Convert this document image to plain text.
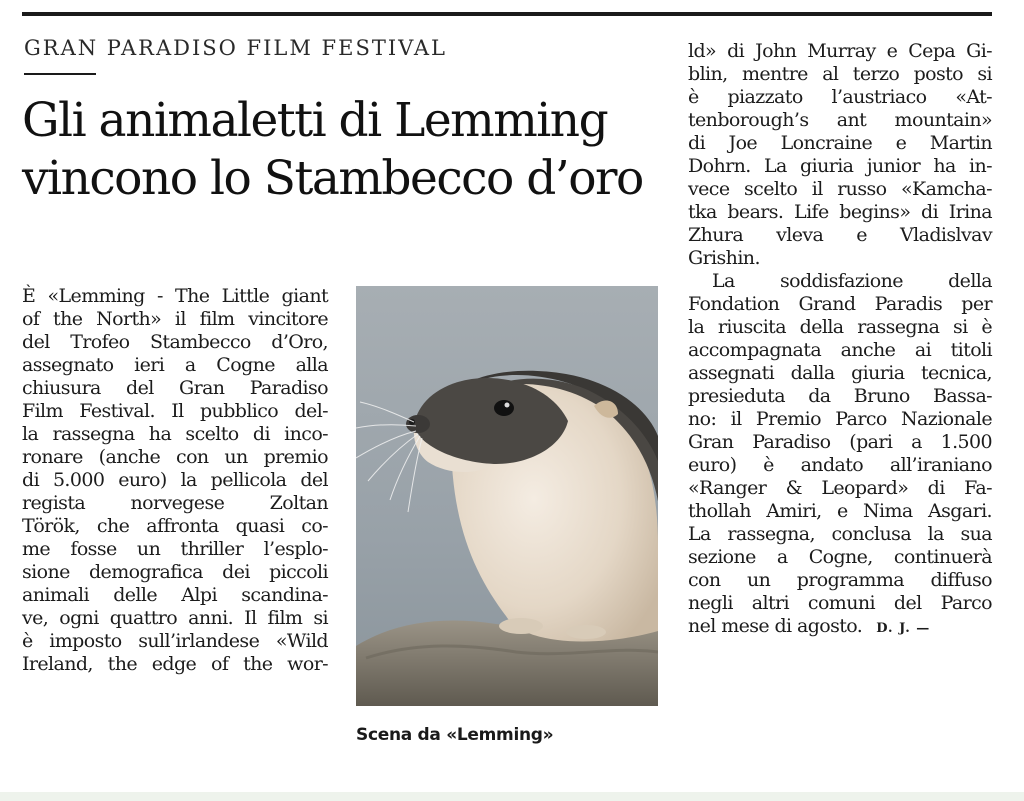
GRAN PARADISO FILM FESTIVAL
Gli animaletti di Lemming
vincono lo Stambecco d’oro
È «Lemming - The Little giant
of the North» il film vincitore
del Trofeo Stambecco d’Oro,
assegnato ieri a Cogne alla
chiusura del Gran Paradiso
Film Festival. Il pubblico del-
la rassegna ha scelto di inco-
ronare (anche con un premio
di 5.000 euro) la pellicola del
regista norvegese Zoltan
Török, che affronta quasi co-
me fosse un thriller l’esplo-
sione demografica dei piccoli
animali delle Alpi scandina-
ve, ogni quattro anni. Il film si
è imposto sull’irlandese «Wild
Ireland, the edge of the wor-
Scena da «Lemming»
ld» di John Murray e Cepa Gi-
blin, mentre al terzo posto si
è piazzato l’austriaco «At-
tenborough’s ant mountain»
di Joe Loncraine e Martin
Dohrn. La giuria junior ha in-
vece scelto il russo «Kamcha-
tka bears. Life begins» di Irina
Zhura vleva e Vladislvav
Grishin.
La soddisfazione della
Fondation Grand Paradis per
la riuscita della rassegna si è
accompagnata anche ai titoli
assegnati dalla giuria tecnica,
presieduta da Bruno Bassa-
no: il Premio Parco Nazionale
Gran Paradiso (pari a 1.500
euro) è andato all’iraniano
«Ranger & Leopard» di Fa-
thollah Amiri, e Nima Asgari.
La rassegna, conclusa la sua
sezione a Cogne, continuerà
con un programma diffuso
negli altri comuni del Parco
nel mese di agosto. D. J. —
